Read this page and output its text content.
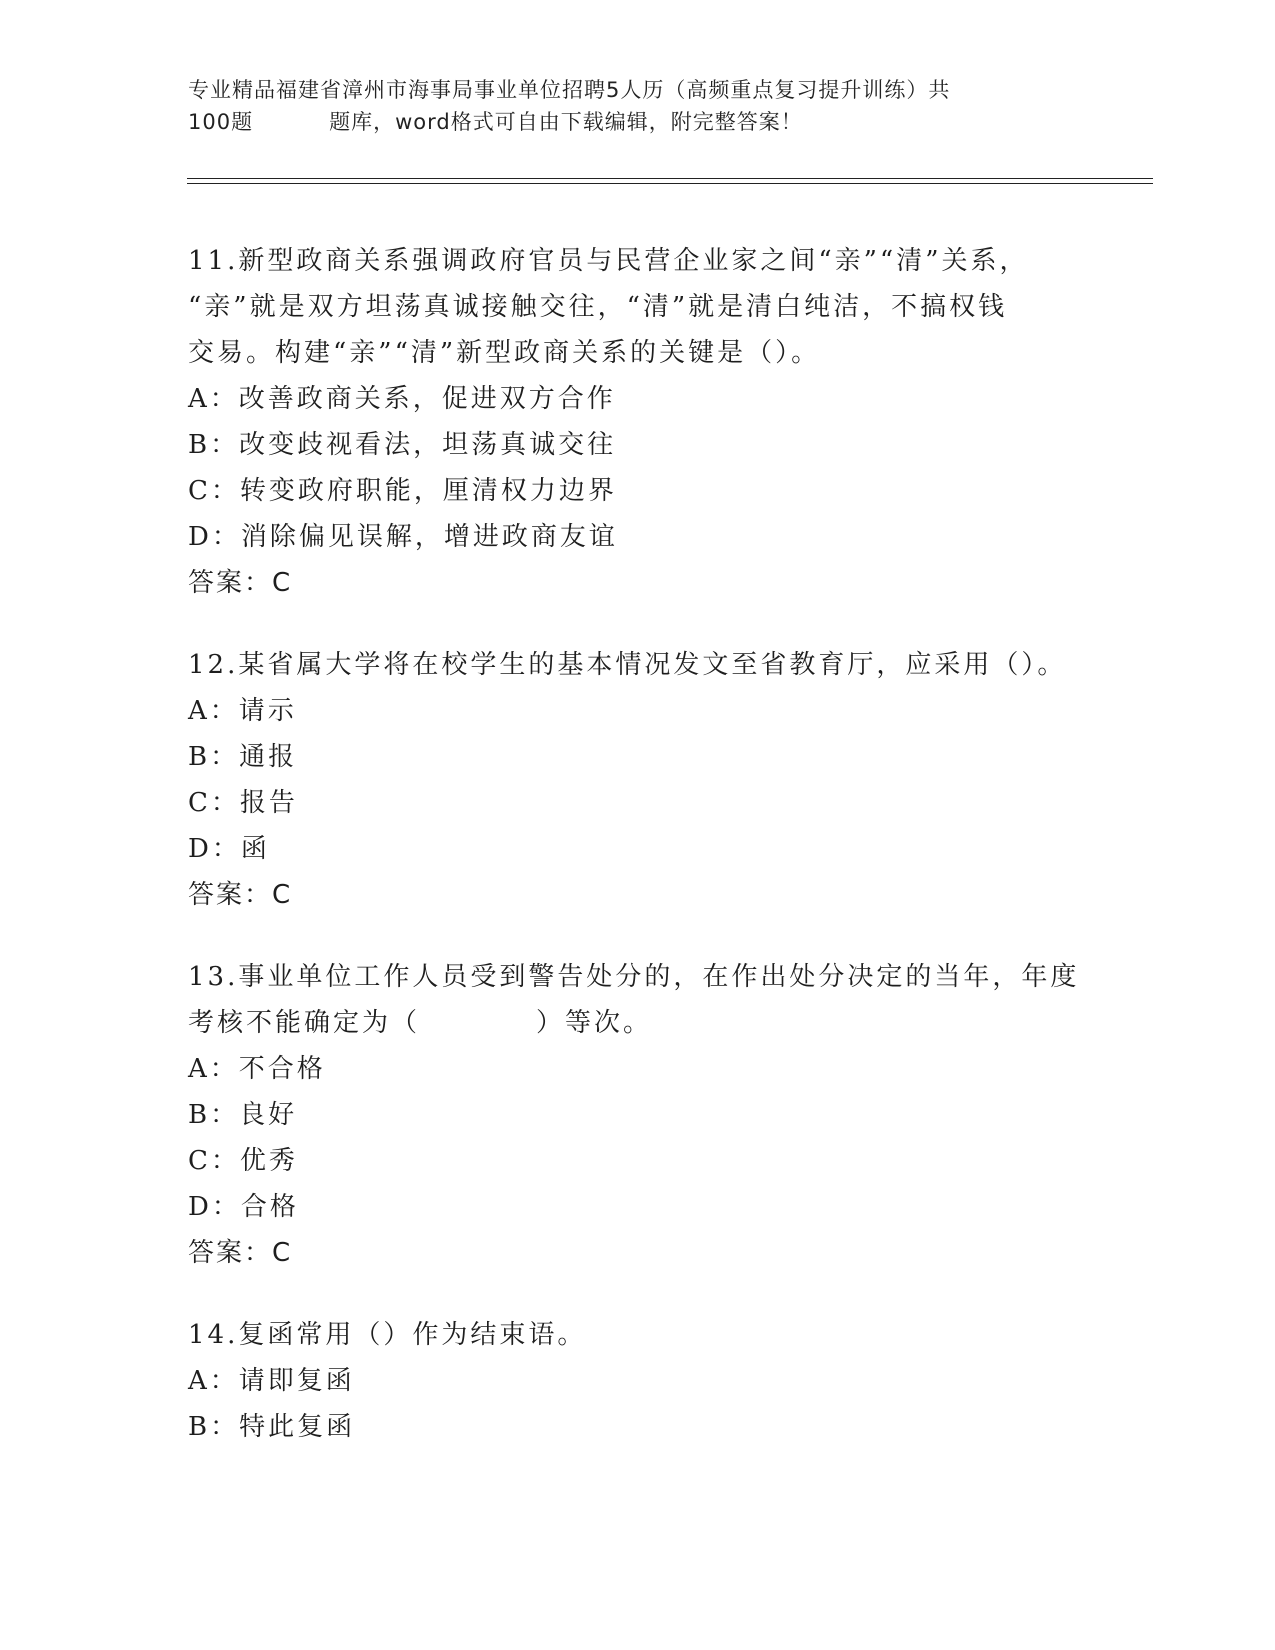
专业精品福建省漳州市海事局事业单位招聘5人历（高频重点复习提升训练）共
100题	题库，word格式可自由下载编辑，附完整答案！

11.新型政商关系强调政府官员与民营企业家之间“亲”“清”关系，

“亲”就是双方坦荡真诚接触交往，“清”就是清白纯洁，不搞权钱

交易。构建“亲”“清”新型政商关系的关键是（）。

A：改善政商关系，促进双方合作

B：改变歧视看法，坦荡真诚交往

C：转变政府职能，厘清权力边界

D：消除偏见误解，增进政商友谊

答案：C

12.某省属大学将在校学生的基本情况发文至省教育厅，应采用（）。

A：请示

B：通报

C：报告

D：函

答案：C

13.事业单位工作人员受到警告处分的，在作出处分决定的当年，年度

考核不能确定为（　　　　）等次。

A：不合格

B：良好

C：优秀

D：合格

答案：C

14.复函常用（）作为结束语。

A：请即复函

B：特此复函
